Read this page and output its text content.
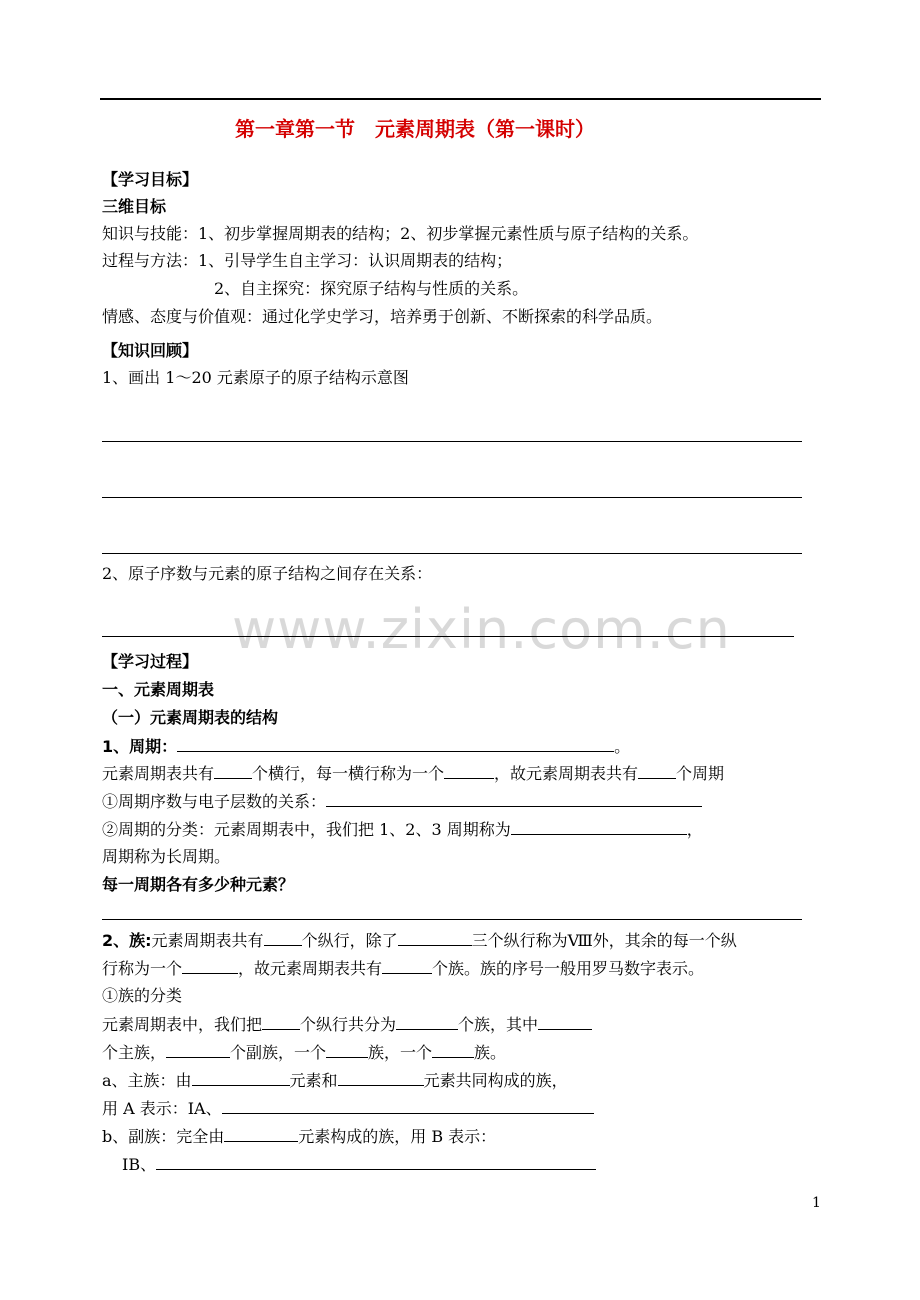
第一章第一节　元素周期表（第一课时）
【学习目标】
三维目标
知识与技能：1、初步掌握周期表的结构；2、初步掌握元素性质与原子结构的关系。
过程与方法：1、引导学生自主学习：认识周期表的结构；
2、自主探究：探究原子结构与性质的关系。
情感、态度与价值观：通过化学史学习，培养勇于创新、不断探索的科学品质。
【知识回顾】
1、画出 1～20 元素原子的原子结构示意图
2、原子序数与元素的原子结构之间存在关系：
www.zixin.com.cn
【学习过程】
一、元素周期表
（一）元素周期表的结构
1、周期：	。
元素周期表共有 个横行，每一横行称为一个	，故元素周期表共有 个周期
①周期序数与电子层数的关系：
②周期的分类：元素周期表中，我们把 1、2、3 周期称为	，
周期称为长周期。
每一周期各有多少种元素？
2、族:元素周期表共有 个纵行，除了	三个纵行称为Ⅷ外，其余的每一个纵
行称为一个	，故元素周期表共有	个族。族的序号一般用罗马数字表示。
①族的分类
元素周期表中，我们把 个纵行共分为	个族，其中
个主族，	个副族，一个	族，一个	族。
a、主族：由	元素和	元素共同构成的族，
用 A 表示：ⅠA、
b、副族：完全由	元素构成的族，用 B 表示：
ⅠB、
1
